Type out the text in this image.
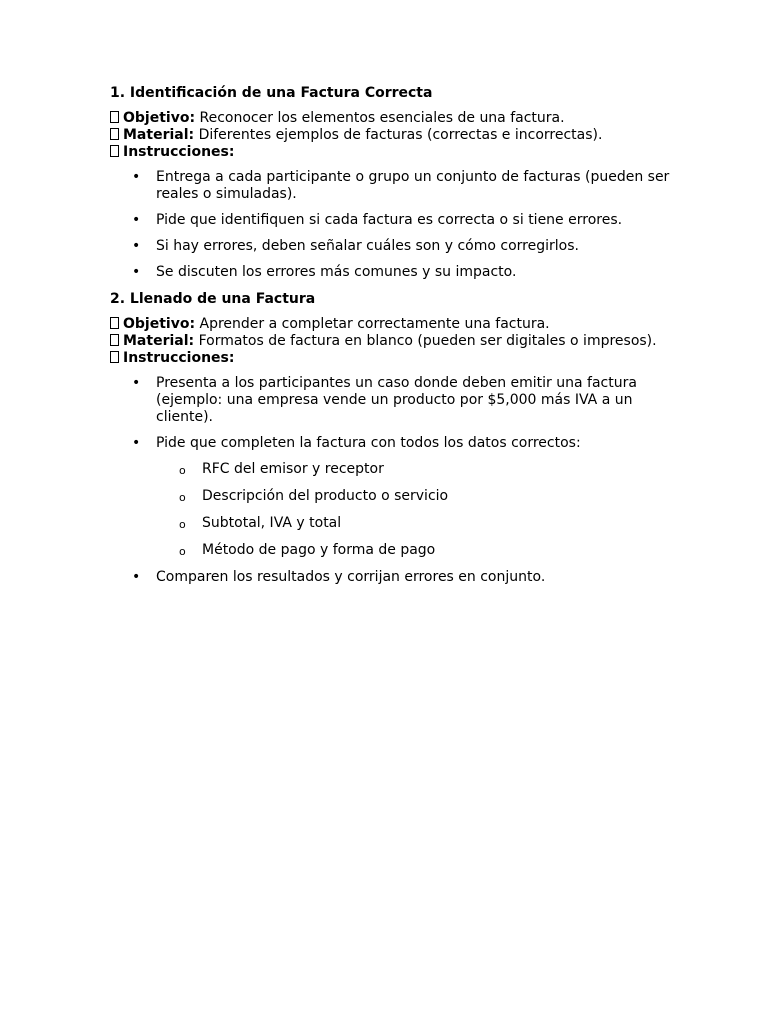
1. Identificación de una Factura Correcta

Objetivo: Reconocer los elementos esenciales de una factura.

Material: Diferentes ejemplos de facturas (correctas e incorrectas).

Instrucciones:

• Entrega a cada participante o grupo un conjunto de facturas (pueden ser reales o simuladas).
• Pide que identifiquen si cada factura es correcta o si tiene errores.
• Si hay errores, deben señalar cuáles son y cómo corregirlos.
• Se discuten los errores más comunes y su impacto.

2. Llenado de una Factura

Objetivo: Aprender a completar correctamente una factura.

Material: Formatos de factura en blanco (pueden ser digitales o impresos).

Instrucciones:

• Presenta a los participantes un caso donde deben emitir una factura (ejemplo: una empresa vende un producto por $5,000 más IVA a un cliente).
• Pide que completen la factura con todos los datos correctos:
o RFC del emisor y receptor
o Descripción del producto o servicio
o Subtotal, IVA y total
o Método de pago y forma de pago
• Comparen los resultados y corrijan errores en conjunto.
